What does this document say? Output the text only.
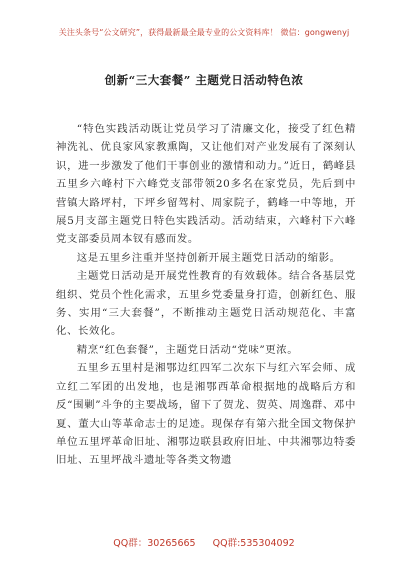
关注头条号“公文研究”，获得最新最全最专业的公文资料库！ 微信：gongwenyj
创新“三大套餐” 主题党日活动特色浓

“特色实践活动既让党员学习了清廉文化，接受了红色精神洗礼、优良家风家教熏陶，又让他们对产业发展有了深刻认识，进一步激发了他们干事创业的激情和动力。”近日，鹤峰县五里乡六峰村下六峰党支部带领20多名在家党员，先后到中营镇大路坪村，下坪乡留驾村、周家院子，鹤峰一中等地，开展5月支部主题党日特色实践活动。活动结束，六峰村下六峰党支部委员周本钗有感而发。

这是五里乡注重并坚持创新开展主题党日活动的缩影。

主题党日活动是开展党性教育的有效载体。结合各基层党组织、党员个性化需求，五里乡党委量身打造，创新红色、服务、实用“三大套餐”，不断推动主题党日活动规范化、丰富化、长效化。

精烹“红色套餐”，主题党日活动“党味”更浓。

五里乡五里村是湘鄂边红四军二次东下与红六军会师、成立红二军团的出发地，也是湘鄂西革命根据地的战略后方和反“围剿”斗争的主要战场，留下了贺龙、贺英、周逸群、邓中夏、董大山等革命志士的足迹。现保存有第六批全国文物保护单位五里坪革命旧址、湘鄂边联县政府旧址、中共湘鄂边特委旧址、五里坪战斗遗址等各类文物遗

QQ群：30265665 QQ群:535304092
